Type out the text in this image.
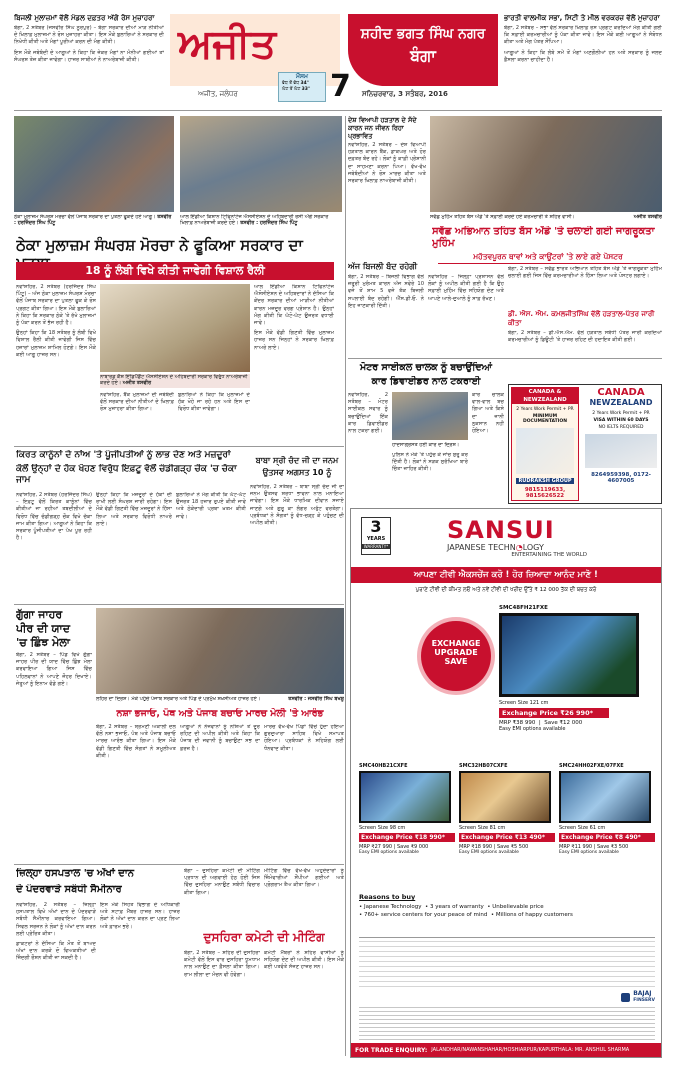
ਬਿਜਲੀ ਮੁਲਾਜ਼ਮਾਂ ਵੱਲੋਂ ਮੰਡਲ ਦਫ਼ਤਰ ਅੱਗੇ ਰੋਸ ਮੁਜ਼ਾਹਰਾ

ਬੰਗਾ, 2 ਸਤੰਬਰ (ਜਸਵੀਰ ਸਿੰਘ ਨੂਰਪੁਰ) – ਬੰਗਾ ਸਰਕਾਰ ਦੀਆਂ ਮਾੜ ਨੀਤੀਆਂ ਦੇ ਖ਼ਿਲਾਫ਼ ਮੁਲਾਜ਼ਮਾਂ ਨੇ ਰੋਸ ਮੁਜ਼ਾਹਰਾ ਕੀਤਾ। ਇਸ ਮੌਕੇ ਬੁਲਾਰਿਆਂ ਨੇ ਸਰਕਾਰ ਦੀ ਨਿਖੇਧੀ ਕੀਤੀ ਅਤੇ ਮੰਗਾਂ ਪੂਰੀਆਂ ਕਰਨ ਦੀ ਮੰਗ ਕੀਤੀ।

ਇਸ ਮੌਕੇ ਜਥੇਬੰਦੀ ਦੇ ਆਗੂਆਂ ਨੇ ਕਿਹਾ ਕਿ ਜੇਕਰ ਮੰਗਾਂ ਨਾ ਮੰਨੀਆਂ ਗਈਆਂ ਤਾਂ ਸੰਘਰਸ਼ ਤੇਜ਼ ਕੀਤਾ ਜਾਵੇਗਾ। ਹਾਜ਼ਰ ਸਾਥੀਆਂ ਨੇ ਨਾਅਰੇਬਾਜ਼ੀ ਕੀਤੀ। ਅਜੀਤ
ਅਜੀਤ, ਜਲੰਧਰ
ਮੌਸਮ
ਵੱਧ ਤੋਂ ਵੱਧ 34°
ਘੱਟ ਤੋਂ ਘੱਟ 33° 7
ਸ਼ਹੀਦ ਭਗਤ ਸਿੰਘ ਨਗਰ
ਬੰਗਾ
ਸਨਿਚਰਵਾਰ, 3 ਸਤੰਬਰ, 2016
ਭਾਰਤੀ ਵਾਲਮੀਕ ਸਭਾ, ਸਿਟੀ ਤੇ ਮੀਲ ਵਰਕਰਜ਼ ਵੱਲੋਂ ਮੁਜ਼ਾਹਰਾ

ਬੰਗਾ, 2 ਸਤੰਬਰ – ਸਭਾ ਵੱਲੋਂ ਸਰਕਾਰ ਖ਼ਿਲਾਫ਼ ਰੋਸ ਪ੍ਰਗਟ ਕਰਦਿਆਂ ਮੰਗ ਕੀਤੀ ਗਈ ਕਿ ਸਫ਼ਾਈ ਕਰਮਚਾਰੀਆਂ ਨੂੰ ਪੱਕਾ ਕੀਤਾ ਜਾਵੇ। ਇਸ ਮੌਕੇ ਕਈ ਆਗੂਆਂ ਨੇ ਸੰਬੋਧਨ ਕੀਤਾ ਅਤੇ ਮੰਗ ਪੱਤਰ ਸੌਂਪਿਆ।

ਆਗੂਆਂ ਨੇ ਕਿਹਾ ਕਿ ਲੰਬੇ ਸਮੇਂ ਤੋਂ ਮੰਗਾਂ ਅਣਗੌਲੀਆਂ ਹਨ ਅਤੇ ਸਰਕਾਰ ਨੂੰ ਜਲਦ ਫ਼ੈਸਲਾ ਕਰਨਾ ਚਾਹੀਦਾ ਹੈ।

ਠੇਕਾ ਮੁਲਾਜ਼ਮ ਸੰਘਰਸ਼ ਮੋਰਚਾ ਵੱਲੋਂ ਪੰਜਾਬ ਸਰਕਾਰ ਦਾ ਪੁਤਲਾ ਫੂਕਦੇ ਹੋਏ ਆਗੂ। ਤਸਵੀਰ : ਹਰਜਿੰਦਰ ਸਿੰਘ ਪਿੰਟੂ
ਆਲ ਇੰਡੀਆ ਕਿਸ਼ਾਨ ਟਿਫਿਨਾਂਟੇਜ ਐਸੋਸੀਏਸ਼ਨ ਦੇ ਅਹਿਬਦਾਰੀ ਰੋਸੀ ਅੱਗੇ ਸਰਕਾਰ ਖ਼ਿਲਾਫ਼ ਨਾਅਰੇਬਾਜ਼ੀ ਕਰਦੇ ਹੋਏ। ਤਸਵੀਰ : ਹਰਜਿੰਦਰ ਸਿੰਘ ਪਿੰਟੂ
ਦੇਸ਼ ਵਿਆਪੀ ਹੜਤਾਲ ਦੇ ਸੱਦੇ ਕਾਰਨ ਜਨ ਜੀਵਨ ਰਿਹਾ ਪ੍ਰਭਾਵਿਤ

ਨਵਾਂਸ਼ਹਿਰ, 2 ਸਤੰਬਰ – ਦੇਸ਼ ਵਿਆਪੀ ਹੜਤਾਲ ਕਾਰਨ ਬੈਂਕ, ਡਾਕਘਰ ਅਤੇ ਹੋਰ ਦਫ਼ਤਰ ਬੰਦ ਰਹੇ। ਲੋਕਾਂ ਨੂੰ ਕਾਫ਼ੀ ਪ੍ਰੇਸ਼ਾਨੀ ਦਾ ਸਾਹਮਣਾ ਕਰਨਾ ਪਿਆ। ਵੱਖ-ਵੱਖ ਜਥੇਬੰਦੀਆਂ ਨੇ ਰੋਸ ਮਾਰਚ ਕੀਤਾ ਅਤੇ ਸਰਕਾਰ ਖ਼ਿਲਾਫ਼ ਨਾਅਰੇਬਾਜ਼ੀ ਕੀਤੀ।

ਸਵੱਛ ਮੁਹਿੰਮ ਤਹਿਤ ਬੱਸ ਅੱਡੇ 'ਤੇ ਸਫ਼ਾਈ ਕਰਦੇ ਹੋਏ ਕਰਮਚਾਰੀ ਤੇ ਸ਼ਹਿਰ ਵਾਸੀ।	ਅਜੀਤ ਤਸਵੀਰ
ਸਵੱਛ ਅਭਿਆਨ ਤਹਿਤ ਬੱਸ ਅੱਡੇ 'ਤੇ ਚਲਾਈ ਗਈ ਜਾਗਰੂਕਤਾ ਮੁਹਿੰਮ
ਮਹੱਤਵਪੂਰਨ ਥਾਵਾਂ ਅਤੇ ਕਾਊਂਟਰਾਂ 'ਤੇ ਲਾਏ ਗਏ ਪੋਸਟਰ
ਠੇਕਾ ਮੁਲਾਜ਼ਮ ਸੰਘਰਸ਼ ਮੋਰਚਾ ਨੇ ਫੂਕਿਆ ਸਰਕਾਰ ਦਾ
18 ਨੂੰ ਲੰਬੀ ਵਿਖੇ ਕੀਤੀ ਜਾਵੇਗੀ ਵਿਸ਼ਾਲ ਰੈਲੀ

ਨਵਾਂਸ਼ਹਿਰ, 2 ਸਤੰਬਰ (ਹਰਜਿੰਦਰ ਸਿੰਘ ਪਿੰਟੂ) – ਅੱਜ ਠੇਕਾ ਮੁਲਾਜ਼ਮ ਸੰਘਰਸ਼ ਮੋਰਚਾ ਵੱਲੋਂ ਪੰਜਾਬ ਸਰਕਾਰ ਦਾ ਪੁਤਲਾ ਫੂਕ ਕੇ ਰੋਸ ਪ੍ਰਗਟ ਕੀਤਾ ਗਿਆ। ਇਸ ਮੌਕੇ ਬੁਲਾਰਿਆਂ ਨੇ ਕਿਹਾ ਕਿ ਸਰਕਾਰ ਠੇਕੇ 'ਤੇ ਰੱਖੇ ਮੁਲਾਜ਼ਮਾਂ ਨੂੰ ਪੱਕਾ ਕਰਨ ਤੋਂ ਭੱਜ ਰਹੀ ਹੈ।

ਉਨ੍ਹਾਂ ਕਿਹਾ ਕਿ 18 ਸਤੰਬਰ ਨੂੰ ਲੰਬੀ ਵਿਖੇ ਵਿਸ਼ਾਲ ਰੈਲੀ ਕੀਤੀ ਜਾਵੇਗੀ ਜਿਸ ਵਿੱਚ ਹਜ਼ਾਰਾਂ ਮੁਲਾਜ਼ਮ ਸ਼ਾਮਿਲ ਹੋਣਗੇ। ਇਸ ਮੌਕੇ ਕਈ ਆਗੂ ਹਾਜ਼ਰ ਸਨ।

ਨਾਬਾਰਡ ਕੈਸ਼ ਇੰਡਿਪੈਂਡੈਂਟ ਐਸੋਸੀਏਸ਼ਨ ਦੇ ਅਹਿਬਦਾਰੀ ਸਰਕਾਰ ਵਿਰੁੱਧ ਨਾਅਰੇਬਾਜ਼ੀ ਕਰਦੇ ਹੋਏ। ਅਜੀਤ ਤਸਵੀਰ

ਨਵਾਂਸ਼ਹਿਰ, ਬੈਂਕ ਮੁਲਾਜ਼ਮਾਂ ਦੀ ਜਥੇਬੰਦੀ ਵੱਲੋਂ ਸਰਕਾਰ ਦੀਆਂ ਨੀਤੀਆਂ ਦੇ ਖ਼ਿਲਾਫ਼ ਰੋਸ ਮੁਜ਼ਾਹਰਾ ਕੀਤਾ ਗਿਆ।

ਬੁਲਾਰਿਆਂ ਨੇ ਕਿਹਾ ਕਿ ਮੁਲਾਜ਼ਮਾਂ ਦੇ ਹੱਕ ਖੋਹੇ ਜਾ ਰਹੇ ਹਨ ਅਤੇ ਇਸ ਦਾ ਵਿਰੋਧ ਕੀਤਾ ਜਾਵੇਗਾ।

ਆਲ ਇੰਡੀਆ ਕਿਸ਼ਾਨ ਟਿਫਿਨਾਂਟੇਜ ਐਸੋਸੀਏਸ਼ਨ ਦੇ ਅਹਿਬਦਾਰਾਂ ਨੇ ਦੱਸਿਆ ਕਿ ਕੇਂਦਰ ਸਰਕਾਰ ਦੀਆਂ ਮਾੜੀਆਂ ਨੀਤੀਆਂ ਕਾਰਨ ਮਜ਼ਦੂਰ ਵਰਗ ਪ੍ਰੇਸ਼ਾਨ ਹੈ। ਉਨ੍ਹਾਂ ਮੰਗ ਕੀਤੀ ਕਿ ਘੱਟੋ-ਘੱਟ ਉਜਰਤ ਵਧਾਈ ਜਾਵੇ।

ਇਸ ਮੌਕੇ ਵੱਡੀ ਗਿਣਤੀ ਵਿੱਚ ਮੁਲਾਜ਼ਮ ਹਾਜ਼ਰ ਸਨ ਜਿਨ੍ਹਾਂ ਨੇ ਸਰਕਾਰ ਖ਼ਿਲਾਫ਼ ਨਾਅਰੇ ਲਾਏ।

ਅੱਜ ਬਿਜਲੀ ਬੰਦ ਰਹੇਗੀ

ਬੰਗਾ, 2 ਸਤੰਬਰ – ਬਿਜਲੀ ਵਿਭਾਗ ਵੱਲੋਂ ਜ਼ਰੂਰੀ ਮੁਰੰਮਤ ਕਾਰਨ ਅੱਜ ਸਵੇਰੇ 10 ਵਜੇ ਤੋਂ ਸ਼ਾਮ 5 ਵਜੇ ਤੱਕ ਬਿਜਲੀ ਸਪਲਾਈ ਬੰਦ ਰਹੇਗੀ। ਐੱਸ.ਡੀ.ਓ. ਨੇ ਇਹ ਜਾਣਕਾਰੀ ਦਿੱਤੀ।

ਨਵਾਂਸ਼ਹਿਰ – ਜਿਲ੍ਹਾ ਪ੍ਰਸ਼ਾਸਨ ਵੱਲੋਂ ਲੋਕਾਂ ਨੂੰ ਅਪੀਲ ਕੀਤੀ ਗਈ ਹੈ ਕਿ ਉਹ ਸਫ਼ਾਈ ਮੁਹਿੰਮ ਵਿੱਚ ਸਹਿਯੋਗ ਦੇਣ ਅਤੇ ਆਪਣੇ ਆਲੇ-ਦੁਆਲੇ ਨੂੰ ਸਾਫ਼ ਰੱਖਣ।

ਬੰਗਾ, 2 ਸਤੰਬਰ – ਸਵੱਛ ਭਾਰਤ ਅਭਿਆਨ ਤਹਿਤ ਬੱਸ ਅੱਡੇ 'ਤੇ ਜਾਗਰੂਕਤਾ ਮੁਹਿੰਮ ਚਲਾਈ ਗਈ ਜਿਸ ਵਿੱਚ ਕਰਮਚਾਰੀਆਂ ਨੇ ਹਿੱਸਾ ਲਿਆ ਅਤੇ ਪੋਸਟਰ ਲਗਾਏ।

ਡੀ. ਐਸ. ਐਮ. ਕਮਲਜੀਤਸਿੰਘ ਵੱਲੋਂ ਹੜਤਾਲ-ਪੱਤਰ ਜਾਰੀ ਕੀਤਾ

ਬੰਗਾ, 2 ਸਤੰਬਰ – ਡੀ.ਐਸ.ਐਮ. ਵੱਲੋਂ ਹੜਤਾਲ ਸਬੰਧੀ ਪੱਤਰ ਜਾਰੀ ਕਰਦਿਆਂ ਕਰਮਚਾਰੀਆਂ ਨੂੰ ਡਿਊਟੀ 'ਤੇ ਹਾਜ਼ਰ ਰਹਿਣ ਦੀ ਹਦਾਇਤ ਕੀਤੀ ਗਈ।

ਮੋਟਰ ਸਾਈਕਲ ਚਾਲਕ ਨੂੰ ਬਚਾਉਂਦਿਆਂ
ਕਾਰ ਡਿਵਾਈਡਰ ਨਾਲ ਟਕਰਾਈ

ਨਵਾਂਸ਼ਹਿਰ, 2 ਸਤੰਬਰ – ਮੋਟਰ ਸਾਈਕਲ ਸਵਾਰ ਨੂੰ ਬਚਾਉਂਦਿਆਂ ਇੱਕ ਕਾਰ ਡਿਵਾਈਡਰ ਨਾਲ ਟਕਰਾ ਗਈ।

ਹਾਦਸਾਗ੍ਰਸਤ ਹੋਈ ਕਾਰ ਦਾ ਦ੍ਰਿਸ਼।

ਕਾਰ ਚਾਲਕ ਵਾਲ-ਵਾਲ ਬਚ ਗਿਆ ਅਤੇ ਕਿਸੇ ਦਾ ਜਾਨੀ ਨੁਕਸਾਨ ਨਹੀਂ ਹੋਇਆ।

ਪੁਲਿਸ ਨੇ ਮੌਕੇ 'ਤੇ ਪਹੁੰਚ ਕੇ ਜਾਂਚ ਸ਼ੁਰੂ ਕਰ ਦਿੱਤੀ ਹੈ। ਲੋਕਾਂ ਨੇ ਸੜਕ ਸੁਰੱਖਿਆ ਬਾਰੇ ਚਿੰਤਾ ਜ਼ਾਹਿਰ ਕੀਤੀ।

CANADA & NEWZEALAND
2 Years Work Permit + PR
MINIMUM DOCUMENTATION
RUDRAKSH GROUP
9815119633, 9815626522
CANADA
NEWZEALAND
2 Years Work Permit + PR
VISA WITHIN 60 DAYS
NO IELTS REQUIRED
8264959398, 0172-4607005
ਕਿਰਤ ਕਾਨੂੰਨਾਂ ਦੇ ਨਾਂਅ 'ਤੇ ਪੂੰਜੀਪਤੀਆਂ ਨੂੰ ਲਾਭ ਦੇਣ ਅਤੇ ਮਜ਼ਦੂਰਾਂ
ਕੋਲੋਂ ਉਨ੍ਹਾਂ ਦੇ ਹੱਕ ਖੋਹਣ ਵਿਰੁੱਧ ਇਫ਼ਟੂ ਵੱਲੋਂ ਚੰਡੀਗੜ੍ਹ ਚੌਕ 'ਚ ਚੱਕਾ ਜਾਮ

ਨਵਾਂਸ਼ਹਿਰ, 2 ਸਤੰਬਰ (ਹਰਜਿੰਦਰ ਸਿੰਘ) – ਇਫ਼ਟੂ ਵੱਲੋਂ ਕਿਰਤ ਕਾਨੂੰਨਾਂ ਵਿੱਚ ਕੀਤੀਆਂ ਜਾ ਰਹੀਆਂ ਤਬਦੀਲੀਆਂ ਦੇ ਵਿਰੋਧ ਵਿੱਚ ਚੰਡੀਗੜ੍ਹ ਚੌਕ ਵਿਖੇ ਚੱਕਾ ਜਾਮ ਕੀਤਾ ਗਿਆ। ਆਗੂਆਂ ਨੇ ਕਿਹਾ ਕਿ ਸਰਕਾਰ ਪੂੰਜੀਪਤੀਆਂ ਦਾ ਪੱਖ ਪੂਰ ਰਹੀ ਹੈ।

ਉਨ੍ਹਾਂ ਕਿਹਾ ਕਿ ਮਜ਼ਦੂਰਾਂ ਦੇ ਹੱਕਾਂ ਦੀ ਰਾਖੀ ਲਈ ਸੰਘਰਸ਼ ਜਾਰੀ ਰਹੇਗਾ। ਇਸ ਮੌਕੇ ਵੱਡੀ ਗਿਣਤੀ ਵਿੱਚ ਮਜ਼ਦੂਰਾਂ ਨੇ ਹਿੱਸਾ ਲਿਆ ਅਤੇ ਸਰਕਾਰ ਵਿਰੋਧੀ ਨਾਅਰੇ ਲਾਏ।

ਬੁਲਾਰਿਆਂ ਨੇ ਮੰਗ ਕੀਤੀ ਕਿ ਘੱਟੋ-ਘੱਟ ਉਜਰਤ 18 ਹਜ਼ਾਰ ਰੁਪਏ ਕੀਤੀ ਜਾਵੇ ਅਤੇ ਠੇਕੇਦਾਰੀ ਪ੍ਰਥਾ ਖ਼ਤਮ ਕੀਤੀ ਜਾਵੇ।

ਬਾਬਾ ਸ੍ਰੀ ਚੰਦ ਜੀ ਦਾ ਜਨਮ
ਉਤਸਵ ਅਗਸਤ 10 ਨੂੰ

ਨਵਾਂਸ਼ਹਿਰ, 2 ਸਤੰਬਰ – ਬਾਬਾ ਸ੍ਰੀ ਚੰਦ ਜੀ ਦਾ ਜਨਮ ਉਤਸਵ ਸ਼ਰਧਾ ਭਾਵਨਾ ਨਾਲ ਮਨਾਇਆ ਜਾਵੇਗਾ। ਇਸ ਮੌਕੇ ਧਾਰਮਿਕ ਦੀਵਾਨ ਸਜਾਏ ਜਾਣਗੇ ਅਤੇ ਗੁਰੂ ਕਾ ਲੰਗਰ ਅਤੁੱਟ ਵਰਤੇਗਾ। ਪ੍ਰਬੰਧਕਾਂ ਨੇ ਸੰਗਤਾਂ ਨੂੰ ਵੱਧ-ਚੜ੍ਹ ਕੇ ਪਹੁੰਚਣ ਦੀ ਅਪੀਲ ਕੀਤੀ।

ਗੁੱਗਾ ਜਾਹਰ
ਪੀਰ ਦੀ ਯਾਦ
'ਚ ਛਿੰਝ ਮੇਲਾ

ਬੰਗਾ, 2 ਸਤੰਬਰ – ਪਿੰਡ ਵਿਖੇ ਗੁੱਗਾ ਜਾਹਰ ਪੀਰ ਦੀ ਯਾਦ ਵਿੱਚ ਛਿੰਝ ਮੇਲਾ ਕਰਵਾਇਆ ਗਿਆ ਜਿਸ ਵਿੱਚ ਪਹਿਲਵਾਨਾਂ ਨੇ ਆਪਣੇ ਜੌਹਰ ਦਿਖਾਏ। ਜੇਤੂਆਂ ਨੂੰ ਇਨਾਮ ਵੰਡੇ ਗਏ।

ਲਹਿਰ ਦਾ ਦ੍ਰਿਸ਼। ਮੌਕੇ ਪਹੁੰਚੇ ਪੰਜਾਬ ਸਰਕਾਰ ਅਤੇ ਪਿੰਡ ਦੇ ਪ੍ਰਮੁੱਖ ਸ਼ਖ਼ਸੀਅਤ ਹਾਜ਼ਰ ਹੋਏ।	ਤਸਵੀਰ : ਜਸਵੀਰ ਸਿੰਘ ਬਖਸ਼ੂ
ਨਸ਼ਾ ਭਜਾਓ, ਪੰਥ ਅਤੇ ਪੰਜਾਬ ਬਚਾਓ ਮਾਰਚ ਮੇਲੀ 'ਤੇ ਆਰੰਭ

ਬੰਗਾ, 2 ਸਤੰਬਰ – ਸ਼੍ਰੋਮਣੀ ਅਕਾਲੀ ਦਲ ਵੱਲੋਂ ਨਸ਼ਾ ਭਜਾਓ, ਪੰਥ ਅਤੇ ਪੰਜਾਬ ਬਚਾਓ ਮਾਰਚ ਆਰੰਭ ਕੀਤਾ ਗਿਆ। ਇਸ ਮੌਕੇ ਵੱਡੀ ਗਿਣਤੀ ਵਿੱਚ ਸੰਗਤਾਂ ਨੇ ਸ਼ਮੂਲੀਅਤ ਕੀਤੀ।

ਆਗੂਆਂ ਨੇ ਨੌਜਵਾਨਾਂ ਨੂੰ ਨਸ਼ਿਆਂ ਤੋਂ ਦੂਰ ਰਹਿਣ ਦੀ ਅਪੀਲ ਕੀਤੀ ਅਤੇ ਕਿਹਾ ਕਿ ਪੰਜਾਬ ਦੀ ਜਵਾਨੀ ਨੂੰ ਬਚਾਉਣਾ ਸਭ ਦਾ ਫ਼ਰਜ਼ ਹੈ।

ਮਾਰਚ ਵੱਖ-ਵੱਖ ਪਿੰਡਾਂ ਵਿੱਚੋਂ ਹੁੰਦਾ ਹੋਇਆ ਗੁਰਦੁਆਰਾ ਸਾਹਿਬ ਵਿਖੇ ਸਮਾਪਤ ਹੋਇਆ। ਪ੍ਰਬੰਧਕਾਂ ਨੇ ਸਹਿਯੋਗ ਲਈ ਧੰਨਵਾਦ ਕੀਤਾ।

ਜ਼ਿਲ੍ਹਾ ਹਸਪਤਾਲ 'ਚ ਅੱਖਾਂ ਦਾਨ
ਦੇ ਪੰਦਰਵਾੜੇ ਸਬੰਧੀ ਸੈਮੀਨਾਰ

ਨਵਾਂਸ਼ਹਿਰ, 2 ਸਤੰਬਰ – ਜ਼ਿਲ੍ਹਾ ਹਸਪਤਾਲ ਵਿਖੇ ਅੱਖਾਂ ਦਾਨ ਦੇ ਪੰਦਰਵਾੜੇ ਸਬੰਧੀ ਸੈਮੀਨਾਰ ਕਰਵਾਇਆ ਗਿਆ। ਸਿਵਲ ਸਰਜਨ ਨੇ ਲੋਕਾਂ ਨੂੰ ਅੱਖਾਂ ਦਾਨ ਕਰਨ ਲਈ ਪ੍ਰੇਰਿਤ ਕੀਤਾ।

ਡਾਕਟਰਾਂ ਨੇ ਦੱਸਿਆ ਕਿ ਮੌਤ ਤੋਂ ਬਾਅਦ ਅੱਖਾਂ ਦਾਨ ਕਰਕੇ ਦੋ ਵਿਅਕਤੀਆਂ ਦੀ ਜ਼ਿੰਦਗੀ ਰੌਸ਼ਨ ਕੀਤੀ ਜਾ ਸਕਦੀ ਹੈ।

ਇਸ ਮੌਕੇ ਸਿਹਤ ਵਿਭਾਗ ਦੇ ਅਧਿਕਾਰੀ ਅਤੇ ਸਟਾਫ਼ ਮੈਂਬਰ ਹਾਜ਼ਰ ਸਨ। ਹਾਜ਼ਰ ਲੋਕਾਂ ਨੇ ਅੱਖਾਂ ਦਾਨ ਕਰਨ ਦਾ ਪ੍ਰਣ ਲਿਆ ਅਤੇ ਫ਼ਾਰਮ ਭਰੇ।

ਬੰਗਾ – ਦੁਸਹਿਰਾ ਕਮੇਟੀ ਦੀ ਮੀਟਿੰਗ ਪ੍ਰਧਾਨ ਦੀ ਅਗਵਾਈ ਹੇਠ ਹੋਈ ਜਿਸ ਵਿੱਚ ਦੁਸਹਿਰਾ ਮਨਾਉਣ ਸਬੰਧੀ ਵਿਚਾਰ ਕੀਤਾ ਗਿਆ।

ਮੀਟਿੰਗ ਵਿੱਚ ਵੱਖ-ਵੱਖ ਅਹੁਦੇਦਾਰਾਂ ਨੂੰ ਜ਼ਿੰਮੇਵਾਰੀਆਂ ਸੌਂਪੀਆਂ ਗਈਆਂ ਅਤੇ ਪ੍ਰੋਗਰਾਮ ਤੈਅ ਕੀਤਾ ਗਿਆ।

ਦੁਸਹਿਰਾ ਕਮੇਟੀ ਦੀ ਮੀਟਿੰਗ

ਬੰਗਾ, 2 ਸਤੰਬਰ – ਸ਼ਹਿਰ ਦੀ ਦੁਸਹਿਰਾ ਕਮੇਟੀ ਵੱਲੋਂ ਇਸ ਵਾਰ ਦੁਸਹਿਰਾ ਧੂਮਧਾਮ ਨਾਲ ਮਨਾਉਣ ਦਾ ਫ਼ੈਸਲਾ ਕੀਤਾ ਗਿਆ। ਰਾਮ ਲੀਲਾ ਦਾ ਮੰਚਨ ਵੀ ਹੋਵੇਗਾ।

ਕਮੇਟੀ ਮੈਂਬਰਾਂ ਨੇ ਸ਼ਹਿਰ ਵਾਸੀਆਂ ਨੂੰ ਸਹਿਯੋਗ ਦੇਣ ਦੀ ਅਪੀਲ ਕੀਤੀ। ਇਸ ਮੌਕੇ ਕਈ ਪਤਵੰਤੇ ਸੱਜਣ ਹਾਜ਼ਰ ਸਨ।

3
YEARS
WARRANTY*
SANSUI
JAPANESE TECHN◔LOGY
ENTERTAINING THE WORLD
ਆਪਣਾ ਟੀਵੀ ਐਕਸਚੇਂਜ ਕਰੋ ! ਹੋਰ ਜ਼ਿਆਦਾ ਆਨੰਦ ਮਾਣੋ !
ਪੁਰਾਣੇ ਟੀਵੀ ਦੀ ਕੀਮਤ ਲਓ ਅਤੇ ਨਵੇਂ ਟੀਵੀ ਦੀ ਖਰੀਦ ਉੱਤੇ ₹ 12 000 ਤੱਕ ਦੀ ਬਚਤ ਕਰੋ
EXCHANGE
UPGRADE
SAVE
SMC48FH21FXE
Screen Size 121 cm
Exchange Price ₹26 990*
MRP ₹38 990  |  Save ₹12 000
Easy EMI options available
SMC40HB21CXFE
Screen Size 98 cm
Exchange Price ₹18 990*
MRP ₹27 990 | Save ₹9 000
Easy EMI options available
SMC32HB07CXFE
Screen Size 81 cm
Exchange Price ₹13 490*
MRP ₹18 990 | Save ₹5 500
Easy EMI options available
SMC24HH02FXE/07FXE
Screen Size 61 cm
Exchange Price ₹8 490*
MRP ₹11 990 | Save ₹3 500
Easy EMI options available
Reasons to buy
• Japanese Technology  • 3 years of warranty  • Unbelievable price
• 760+ service centers for your peace of mind  • Millions of happy customers
BAJAJ
FINSERV
FOR TRADE ENQUIRY: JALANDHAR/NAWANSHAHAR/HOSHIARPUR/KAPURTHALA: MR. ANSHUL SHARMA
